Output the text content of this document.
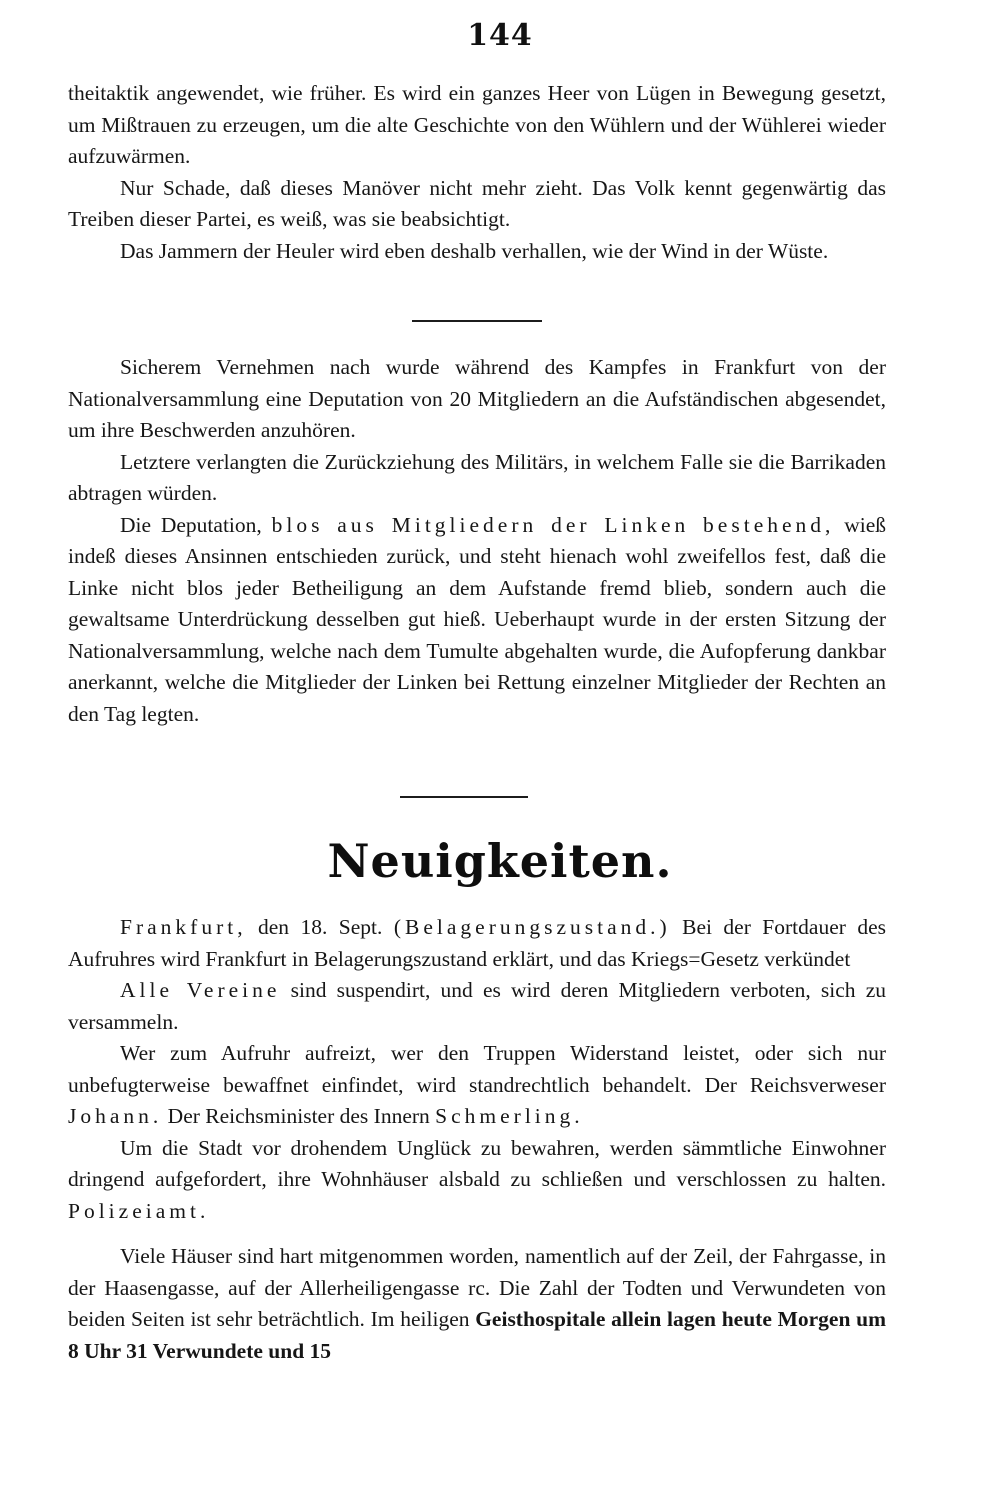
144

theitaktik angewendet, wie früher. Es wird ein ganzes Heer von Lügen in Bewegung gesetzt, um Mißtrauen zu erzeugen, um die alte Geschichte von den Wühlern und der Wühlerei wieder aufzuwärmen.

Nur Schade, daß dieses Manöver nicht mehr zieht. Das Volk kennt gegenwärtig das Treiben dieser Partei, es weiß, was sie beabsichtigt.

Das Jammern der Heuler wird eben deshalb verhallen, wie der Wind in der Wüste.

Sicherem Vernehmen nach wurde während des Kampfes in Frankfurt von der Nationalversammlung eine Deputation von 20 Mitgliedern an die Aufständischen abgesendet, um ihre Beschwerden anzuhören.

Letztere verlangten die Zurückziehung des Militärs, in welchem Falle sie die Barrikaden abtragen würden.

Die Deputation, blos aus Mitgliedern der Linken bestehend, wieß indeß dieses Ansinnen entschieden zurück, und steht hienach wohl zweifellos fest, daß die Linke nicht blos jeder Betheiligung an dem Aufstande fremd blieb, sondern auch die gewaltsame Unterdrückung desselben gut hieß. Ueberhaupt wurde in der ersten Sitzung der Nationalversammlung, welche nach dem Tumulte abgehalten wurde, die Aufopferung dankbar anerkannt, welche die Mitglieder der Linken bei Rettung einzelner Mitglieder der Rechten an den Tag legten.

Neuigkeiten.

Frankfurt, den 18. Sept. (Belagerungszustand.) Bei der Fortdauer des Aufruhres wird Frankfurt in Belagerungszustand erklärt, und das Kriegs=Gesetz verkündet

Alle Vereine sind suspendirt, und es wird deren Mitgliedern verboten, sich zu versammeln.

Wer zum Aufruhr aufreizt, wer den Truppen Widerstand leistet, oder sich nur unbefugterweise bewaffnet einfindet, wird standrechtlich behandelt. Der Reichsverweser Johann. Der Reichsminister des Innern Schmerling.

Um die Stadt vor drohendem Unglück zu bewahren, werden sämmtliche Einwohner dringend aufgefordert, ihre Wohnhäuser alsbald zu schließen und verschlossen zu halten. Polizeiamt.

Viele Häuser sind hart mitgenommen worden, namentlich auf der Zeil, der Fahrgasse, in der Haasengasse, auf der Allerheiligengasse rc. Die Zahl der Todten und Verwundeten von beiden Seiten ist sehr beträchtlich. Im heiligen Geisthospitale allein lagen heute Morgen um 8 Uhr 31 Verwundete und 15
